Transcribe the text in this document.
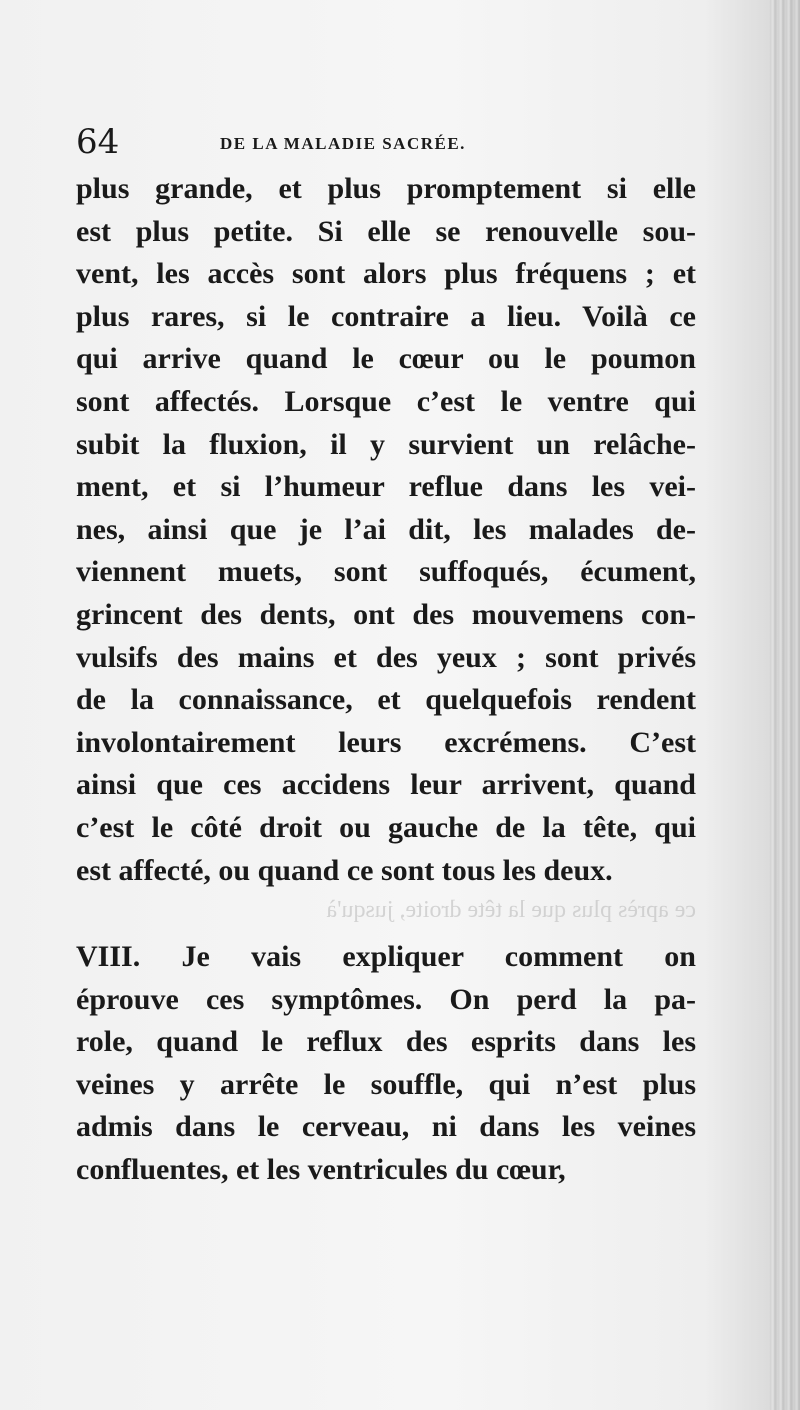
64	DE LA MALADIE SACRÉE.
plus grande, et plus promptement si elle
est plus petite. Si elle se renouvelle sou-
vent, les accès sont alors plus fréquens ; et
plus rares, si le contraire a lieu. Voilà ce
qui arrive quand le cœur ou le poumon
sont affectés. Lorsque c’est le ventre qui
subit la fluxion, il y survient un relâche-
ment, et si l’humeur reflue dans les vei-
nes, ainsi que je l’ai dit, les malades de-
viennent muets, sont suffoqués, écument,
grincent des dents, ont des mouvemens con-
vulsifs des mains et des yeux ; sont privés
de la connaissance, et quelquefois rendent
involontairement leurs excrémens. C’est
ainsi que ces accidens leur arrivent, quand
c’est le côté droit ou gauche de la tête, qui
est affecté, ou quand ce sont tous les deux.
ce après plus que la tête droite, jusqu'à
VIII. Je vais expliquer comment on
éprouve ces symptômes. On perd la pa-
role, quand le reflux des esprits dans les
veines y arrête le souffle, qui n’est plus
admis dans le cerveau, ni dans les veines
confluentes, et les ventricules du cœur,
